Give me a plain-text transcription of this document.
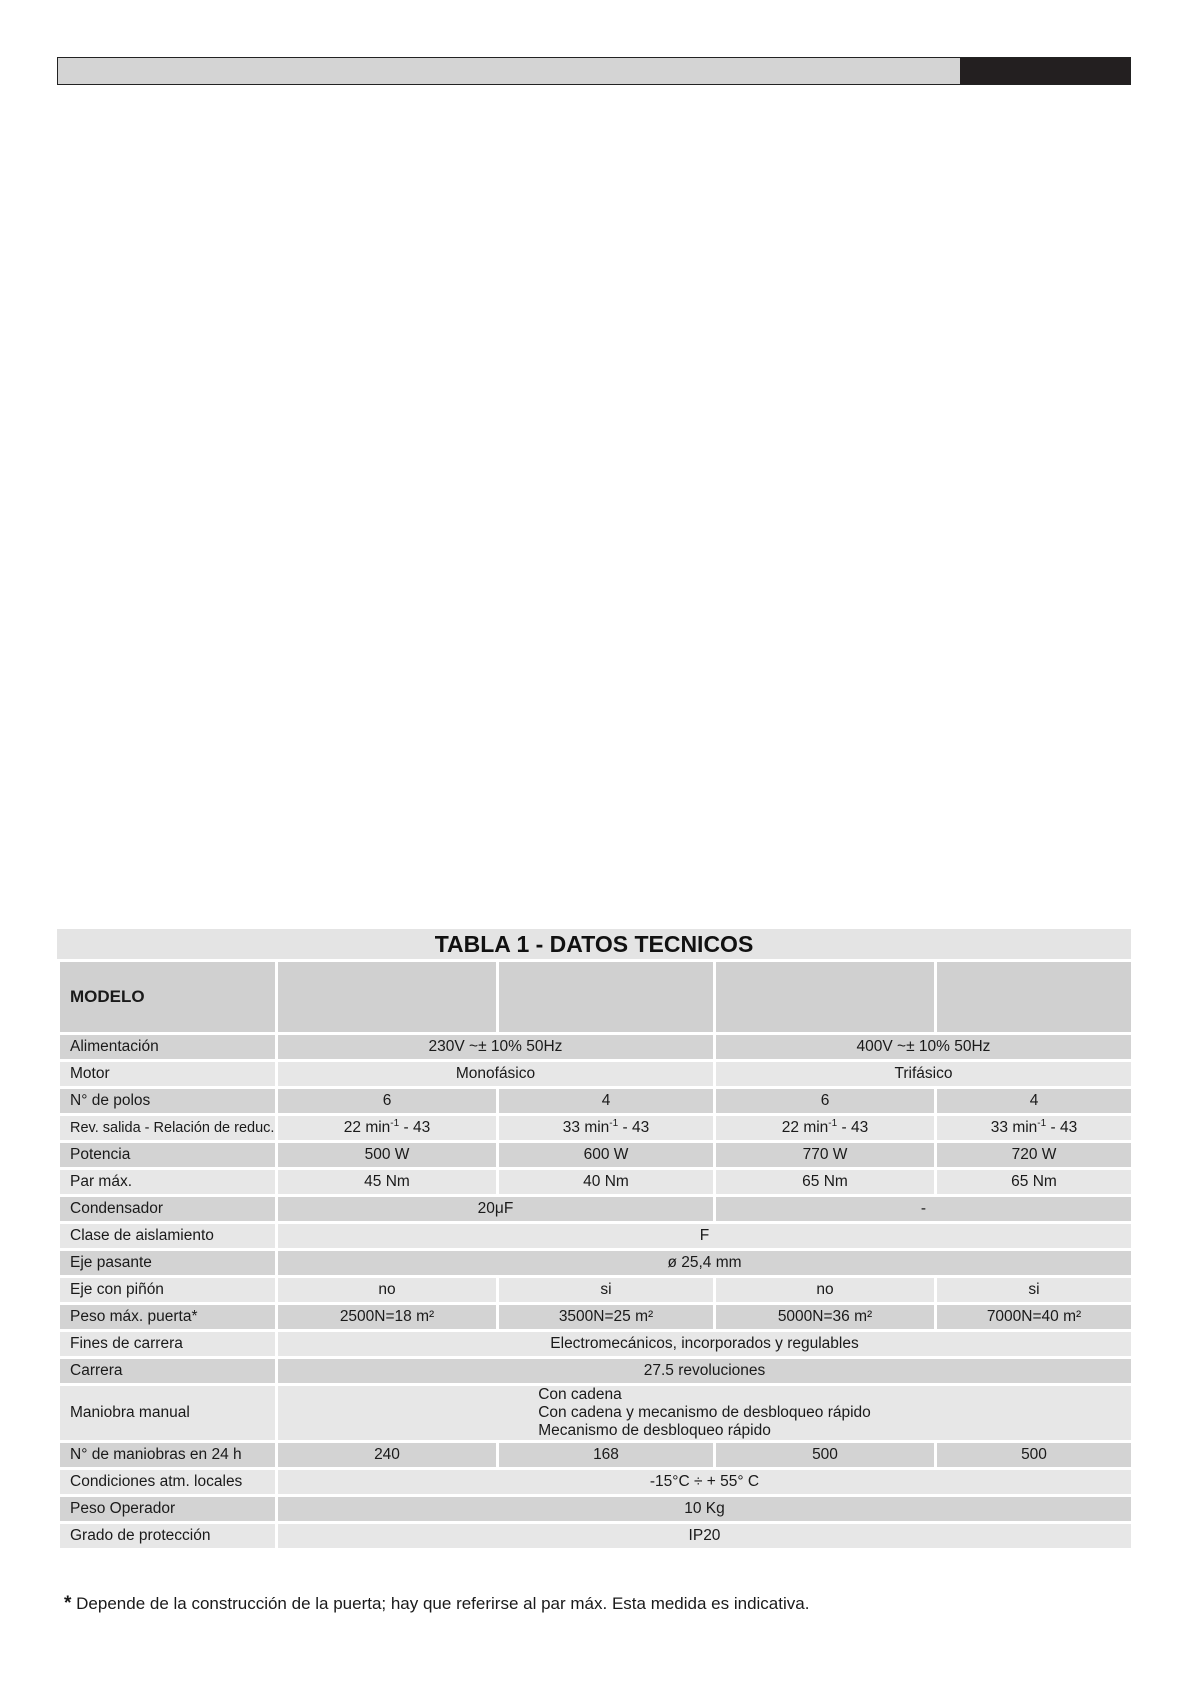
TABLA 1 - DATOS TECNICOS
MODELO				
Alimentación	230V ~± 10% 50Hz		400V ~± 10% 50Hz	
Motor	Monofásico		Trifásico	
N° de polos	6	4	6	4
Rev. salida - Relación de reduc.	22 $\min^{-1} - 43$	33 $\min^{-1} - 43$	22 $\min^{-1} - 43$	33 $\min^{-1} - 43$
Potencia	500 W	600 W	770 W	720 W
Par máx.	45 Nm	40 Nm	65 Nm	65 Nm
Condensador	20μF		-	
Clase de aislamiento	F			
Eje pasante	ø 25,4 mm			
Eje con piñón	no	si	no	si
Peso máx. puerta*	2500N=18 m²	3500N=25 m²	5000N=36 m²	7000N=40 m²
Fines de carrera	Electromecánicos, incorporados y regulables			
Carrera	27.5 revoluciones			
Maniobra manual	Con cadena
Con cadena y mecanismo de desbloqueo rápido
Mecanismo de desbloqueo rápido			

N° de maniobras en 24 h	240	168	500	500
Condiciones atm. locales	-15°C ÷ + 55° C			
Peso Operador	10 Kg			
Grado de protección	IP20			
* Depende de la construcción de la puerta; hay que referirse al par máx. Esta medida es indicativa.
